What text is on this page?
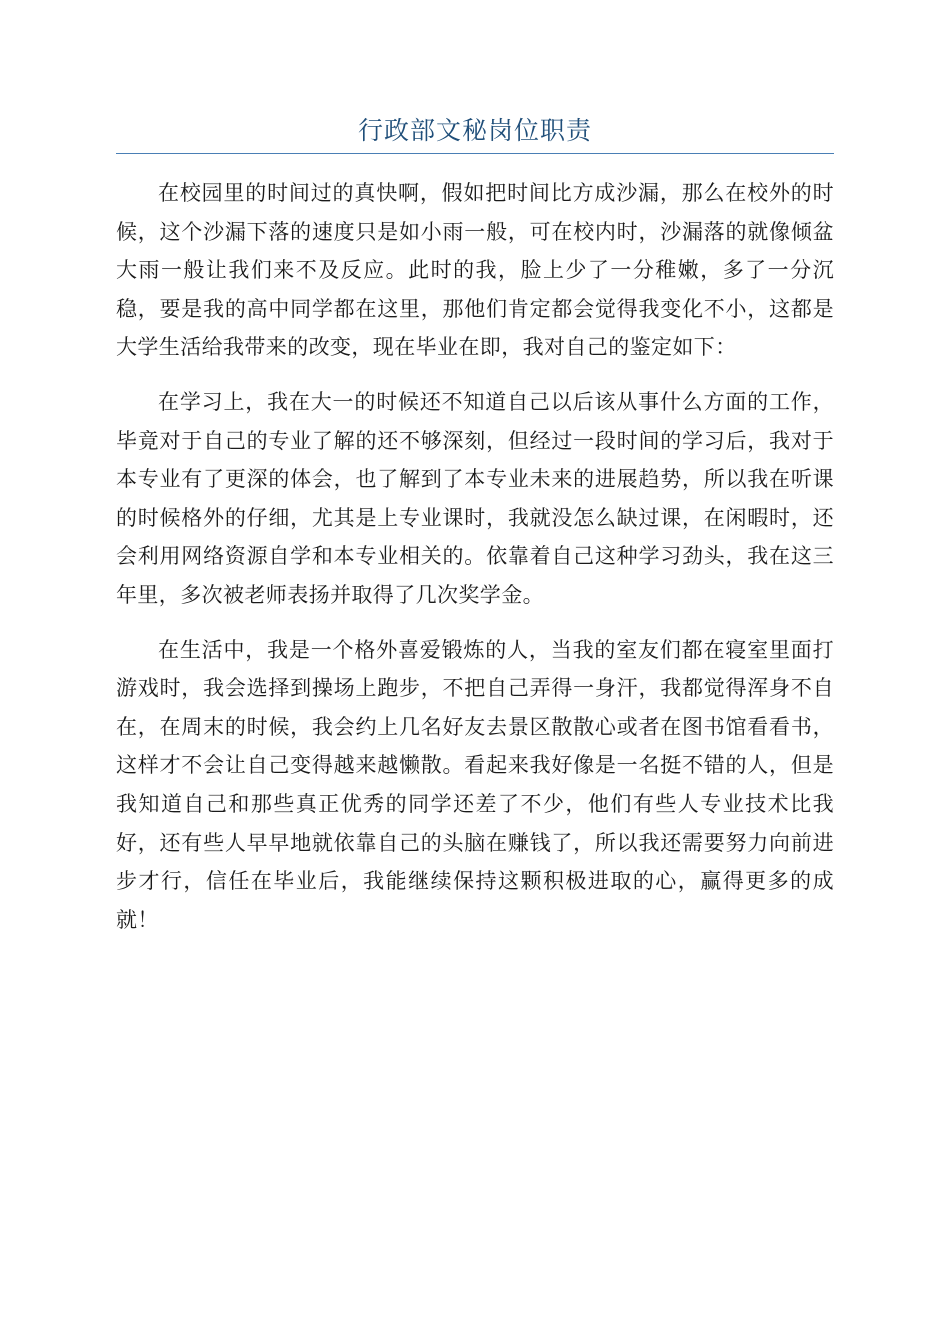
行政部文秘岗位职责

在校园里的时间过的真快啊，假如把时间比方成沙漏，那么在校外的时候，这个沙漏下落的速度只是如小雨一般，可在校内时，沙漏落的就像倾盆大雨一般让我们来不及反应。此时的我，脸上少了一分稚嫩，多了一分沉稳，要是我的高中同学都在这里，那他们肯定都会觉得我变化不小，这都是大学生活给我带来的改变，现在毕业在即，我对自己的鉴定如下：

在学习上，我在大一的时候还不知道自己以后该从事什么方面的工作，毕竟对于自己的专业了解的还不够深刻，但经过一段时间的学习后，我对于本专业有了更深的体会，也了解到了本专业未来的进展趋势，所以我在听课的时候格外的仔细，尤其是上专业课时，我就没怎么缺过课，在闲暇时，还会利用网络资源自学和本专业相关的。依靠着自己这种学习劲头，我在这三年里，多次被老师表扬并取得了几次奖学金。

在生活中，我是一个格外喜爱锻炼的人，当我的室友们都在寝室里面打游戏时，我会选择到操场上跑步，不把自己弄得一身汗，我都觉得浑身不自在，在周末的时候，我会约上几名好友去景区散散心或者在图书馆看看书，这样才不会让自己变得越来越懒散。看起来我好像是一名挺不错的人，但是我知道自己和那些真正优秀的同学还差了不少，他们有些人专业技术比我好，还有些人早早地就依靠自己的头脑在赚钱了，所以我还需要努力向前进步才行，信任在毕业后，我能继续保持这颗积极进取的心，赢得更多的成就！
